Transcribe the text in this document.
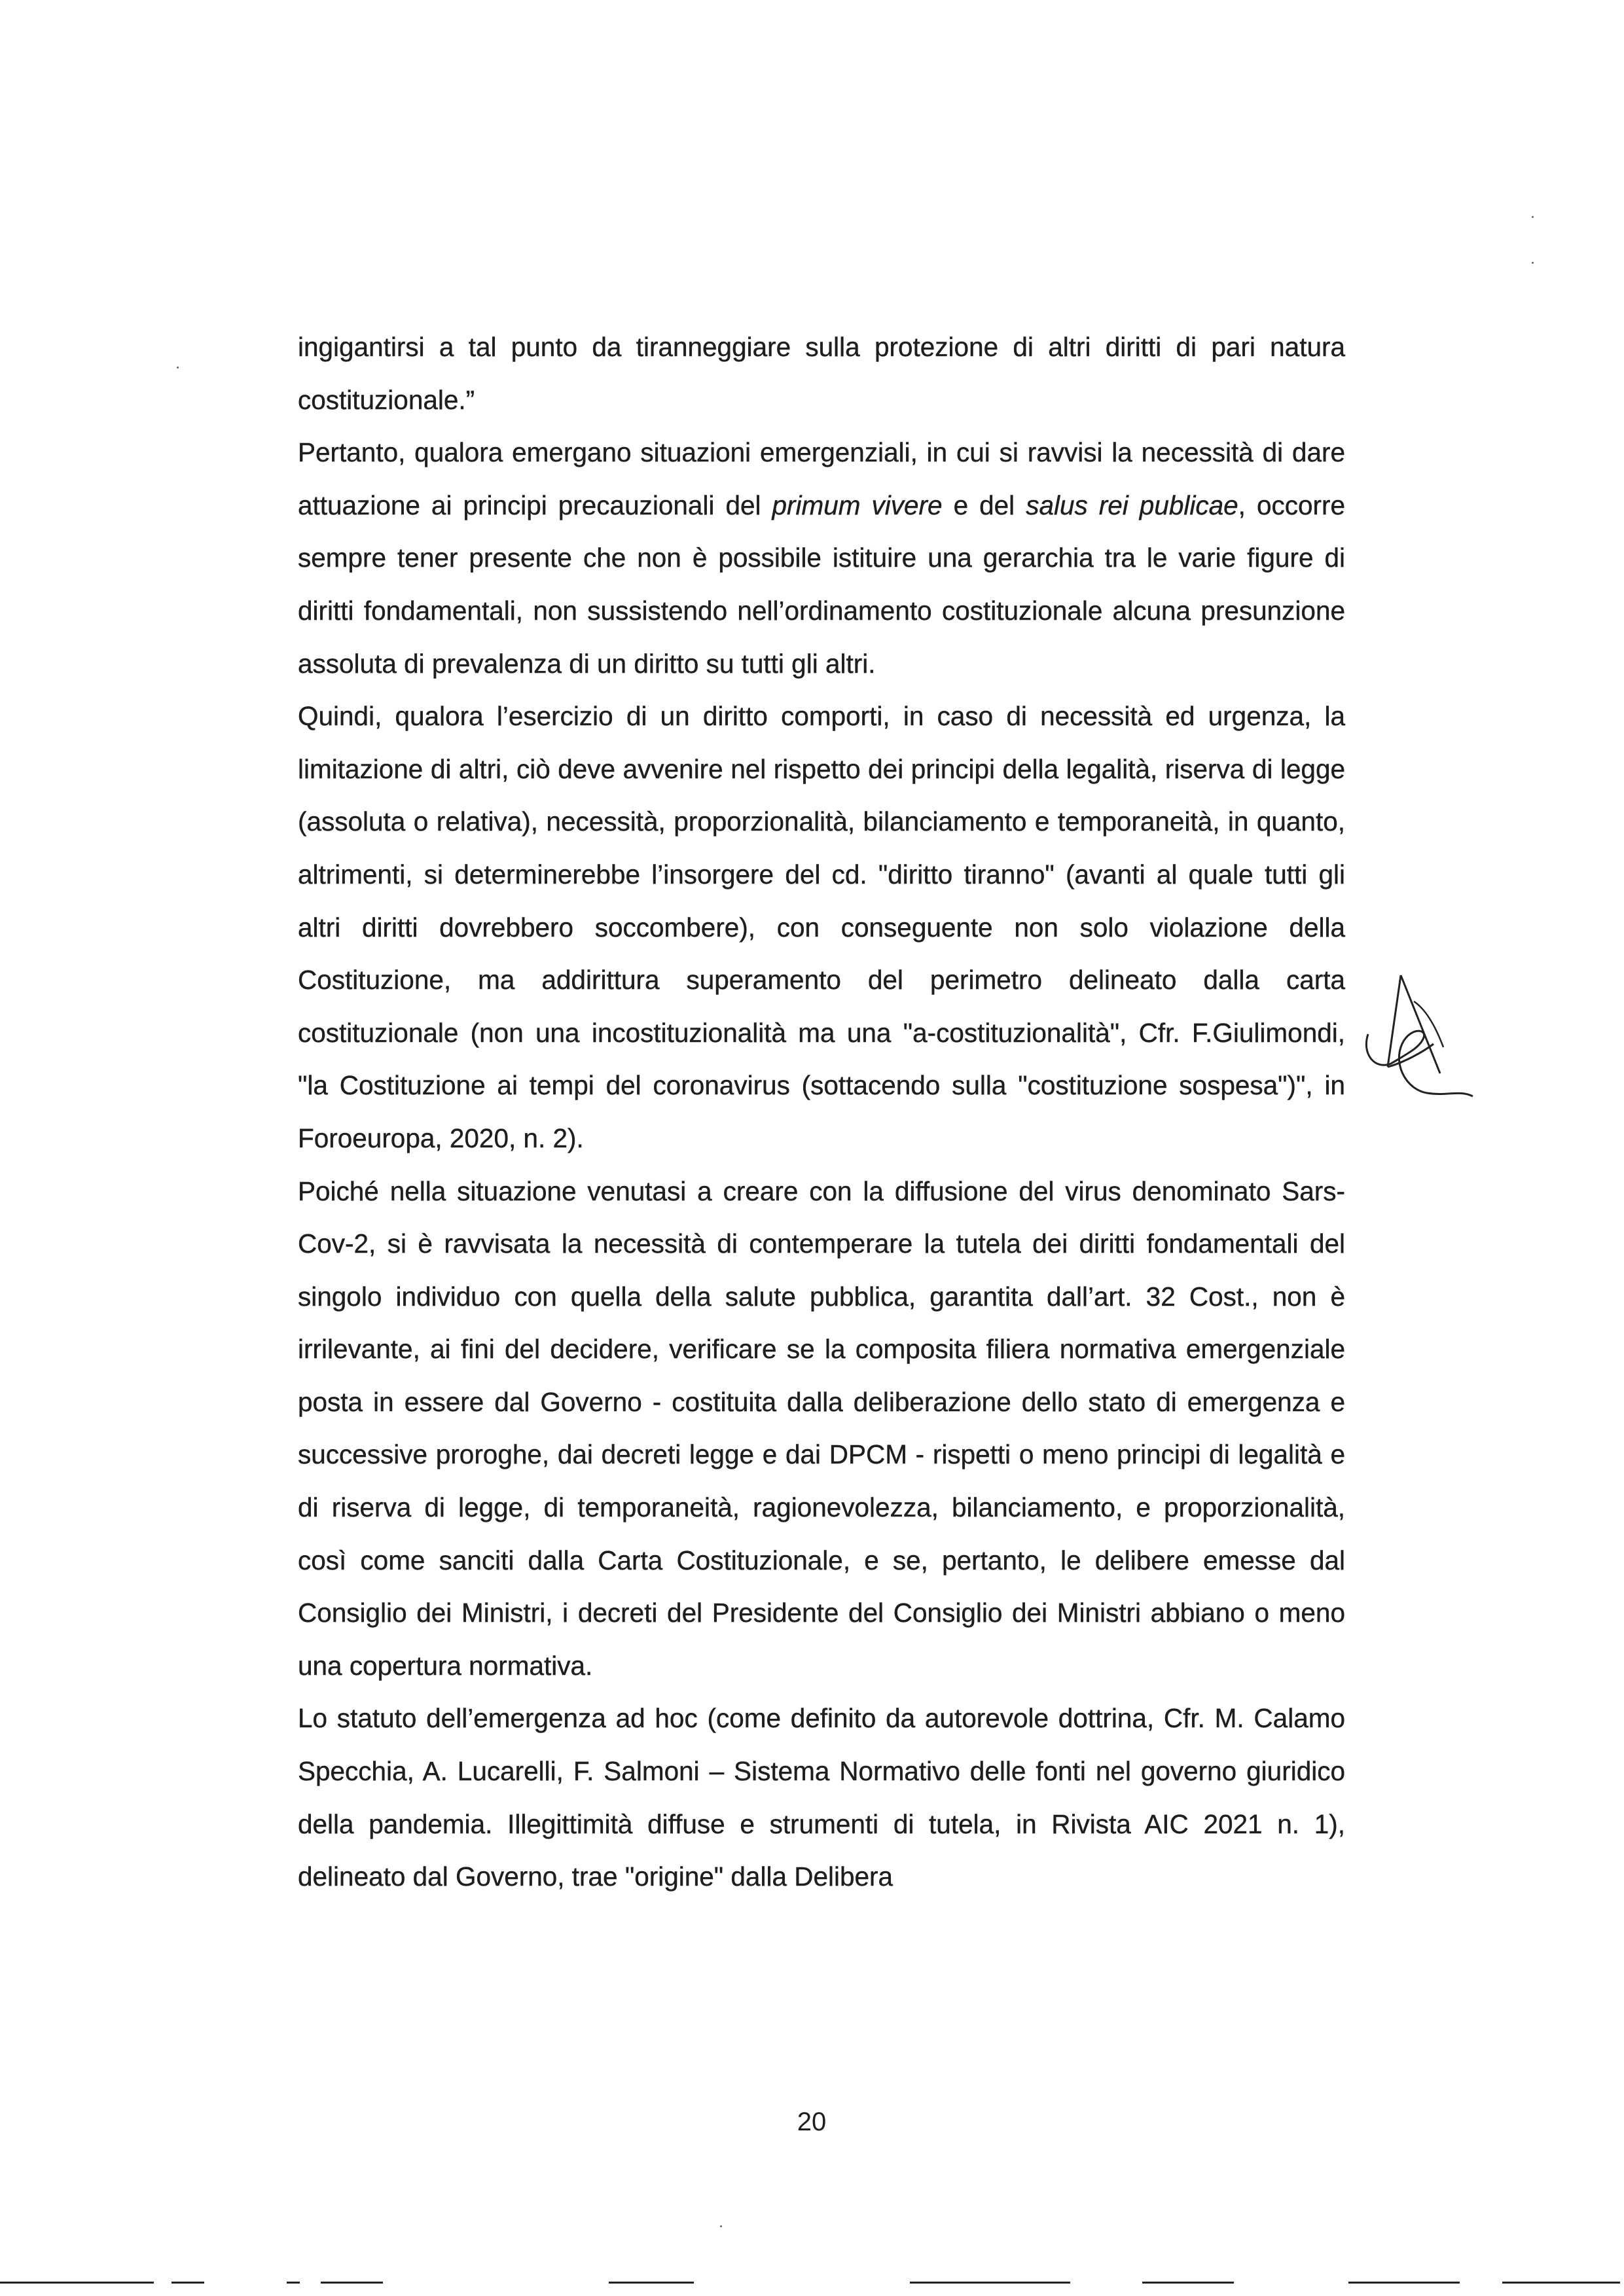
ingigantirsi a tal punto da tiranneggiare sulla protezione di altri diritti di pari natura costituzionale.”

Pertanto, qualora emergano situazioni emergenziali, in cui si ravvisi la necessità di dare attuazione ai principi precauzionali del primum vivere e del salus rei publicae, occorre sempre tener presente che non è possibile istituire una gerarchia tra le varie figure di diritti fondamentali, non sussistendo nell’ordinamento costituzionale alcuna presunzione assoluta di prevalenza di un diritto su tutti gli altri.

Quindi, qualora l’esercizio di un diritto comporti, in caso di necessità ed urgenza, la limitazione di altri, ciò deve avvenire nel rispetto dei principi della legalità, riserva di legge (assoluta o relativa), necessità, proporzionalità, bilanciamento e temporaneità, in quanto, altrimenti, si determinerebbe l’insorgere del cd. "diritto tiranno" (avanti al quale tutti gli altri diritti dovrebbero soccombere), con conseguente non solo violazione della Costituzione, ma addirittura superamento del perimetro delineato dalla carta costituzionale (non una incostituzionalità ma una "a-costituzionalità", Cfr. F.Giulimondi, "la Costituzione ai tempi del coronavirus (sottacendo sulla "costituzione sospesa")", in Foroeuropa, 2020, n. 2).

Poiché nella situazione venutasi a creare con la diffusione del virus denominato Sars-Cov-2, si è ravvisata la necessità di contemperare la tutela dei diritti fondamentali del singolo individuo con quella della salute pubblica, garantita dall’art. 32 Cost., non è irrilevante, ai fini del decidere, verificare se la composita filiera normativa emergenziale posta in essere dal Governo - costituita dalla deliberazione dello stato di emergenza e successive proroghe, dai decreti legge e dai DPCM - rispetti o meno principi di legalità e di riserva di legge, di temporaneità, ragionevolezza, bilanciamento, e proporzionalità, così come sanciti dalla Carta Costituzionale, e se, pertanto, le delibere emesse dal Consiglio dei Ministri, i decreti del Presidente del Consiglio dei Ministri abbiano o meno una copertura normativa.

Lo statuto dell’emergenza ad hoc (come definito da autorevole dottrina, Cfr. M. Calamo Specchia, A. Lucarelli, F. Salmoni – Sistema Normativo delle fonti nel governo giuridico della pandemia. Illegittimità diffuse e strumenti di tutela, in Rivista AIC 2021 n. 1), delineato dal Governo, trae "origine" dalla Delibera

20
